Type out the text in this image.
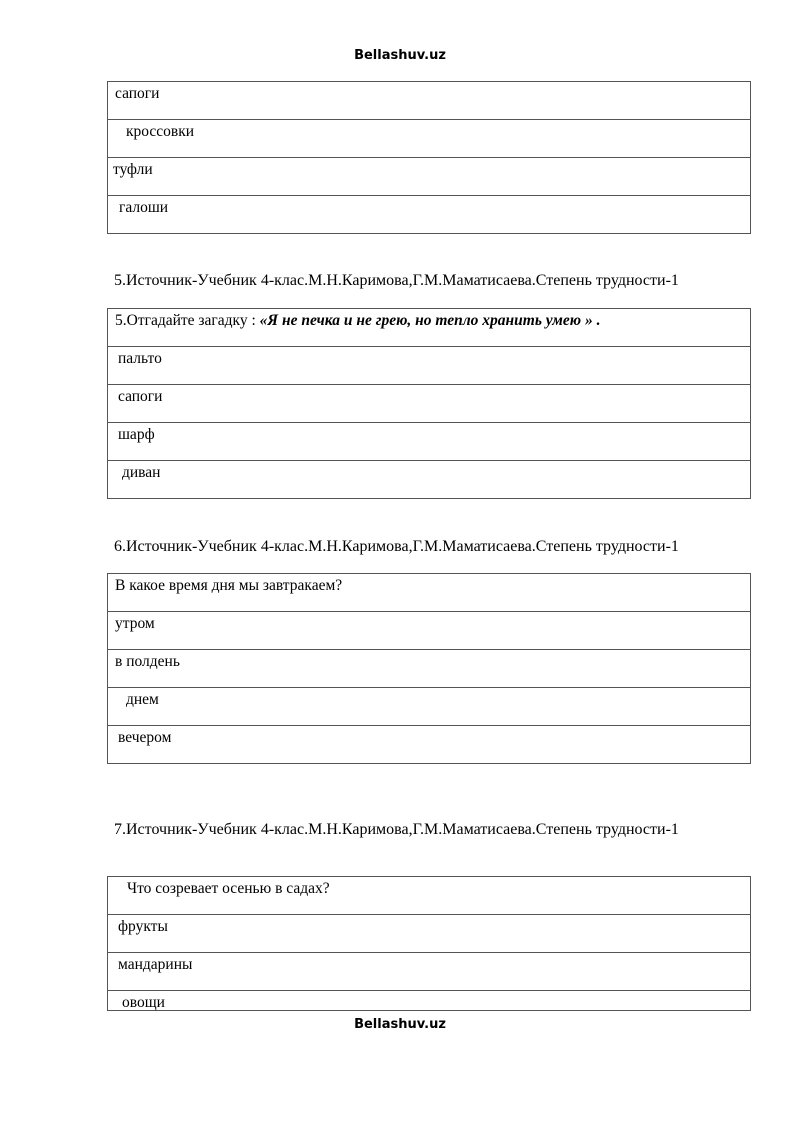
Bellashuv.uz
сапоги

кроссовки

туфли

галоши
5.Источник-Учебник 4-клас.М.Н.Каримова,Г.М.Маматисаева.Степень трудности-1
5.Отгадайте загадку : «Я не печка и не грею, но тепло хранить умею » .

пальто

сапоги

шарф

диван
6.Источник-Учебник 4-клас.М.Н.Каримова,Г.М.Маматисаева.Степень трудности-1
В какое время дня мы завтракаем?

утром

в полдень

днем

вечером
7.Источник-Учебник 4-клас.М.Н.Каримова,Г.М.Маматисаева.Степень трудности-1
Что созревает осенью в садах?

фрукты

мандарины

овощи
Bellashuv.uz
